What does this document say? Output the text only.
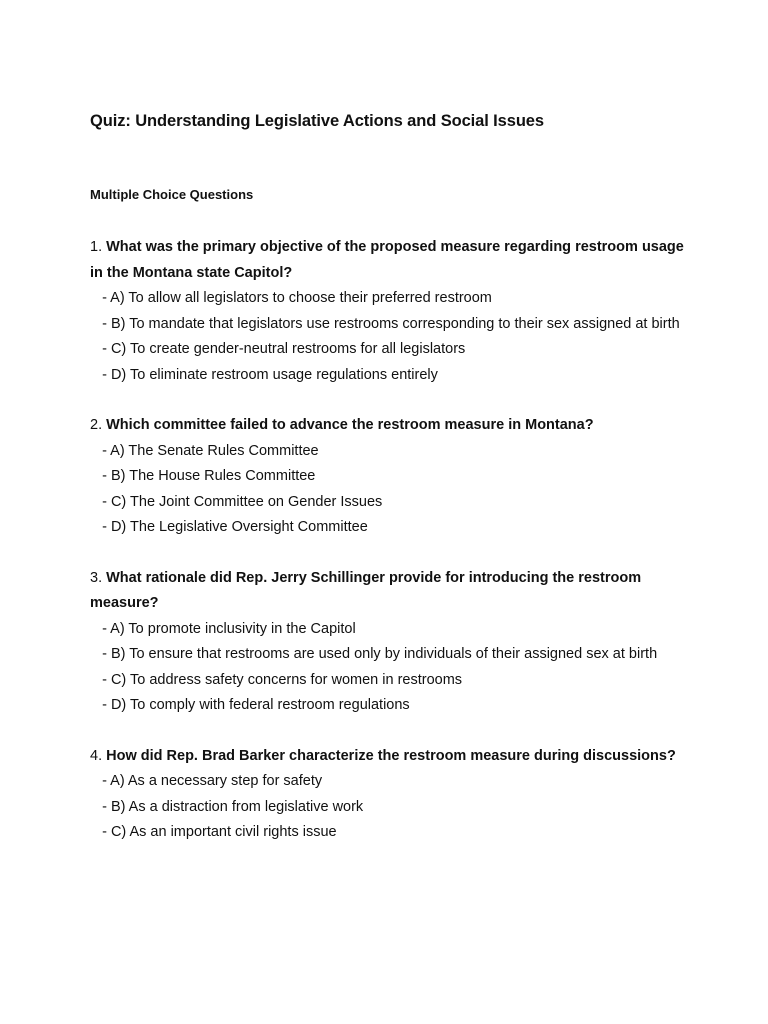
Quiz: Understanding Legislative Actions and Social Issues
Multiple Choice Questions

1. What was the primary objective of the proposed measure regarding restroom usage in the Montana state Capitol?

- A) To allow all legislators to choose their preferred restroom

- B) To mandate that legislators use restrooms corresponding to their sex assigned at birth

- C) To create gender-neutral restrooms for all legislators

- D) To eliminate restroom usage regulations entirely

2. Which committee failed to advance the restroom measure in Montana?

- A) The Senate Rules Committee

- B) The House Rules Committee

- C) The Joint Committee on Gender Issues

- D) The Legislative Oversight Committee

3. What rationale did Rep. Jerry Schillinger provide for introducing the restroom measure?

- A) To promote inclusivity in the Capitol

- B) To ensure that restrooms are used only by individuals of their assigned sex at birth

- C) To address safety concerns for women in restrooms

- D) To comply with federal restroom regulations

4. How did Rep. Brad Barker characterize the restroom measure during discussions?

- A) As a necessary step for safety

- B) As a distraction from legislative work

- C) As an important civil rights issue
